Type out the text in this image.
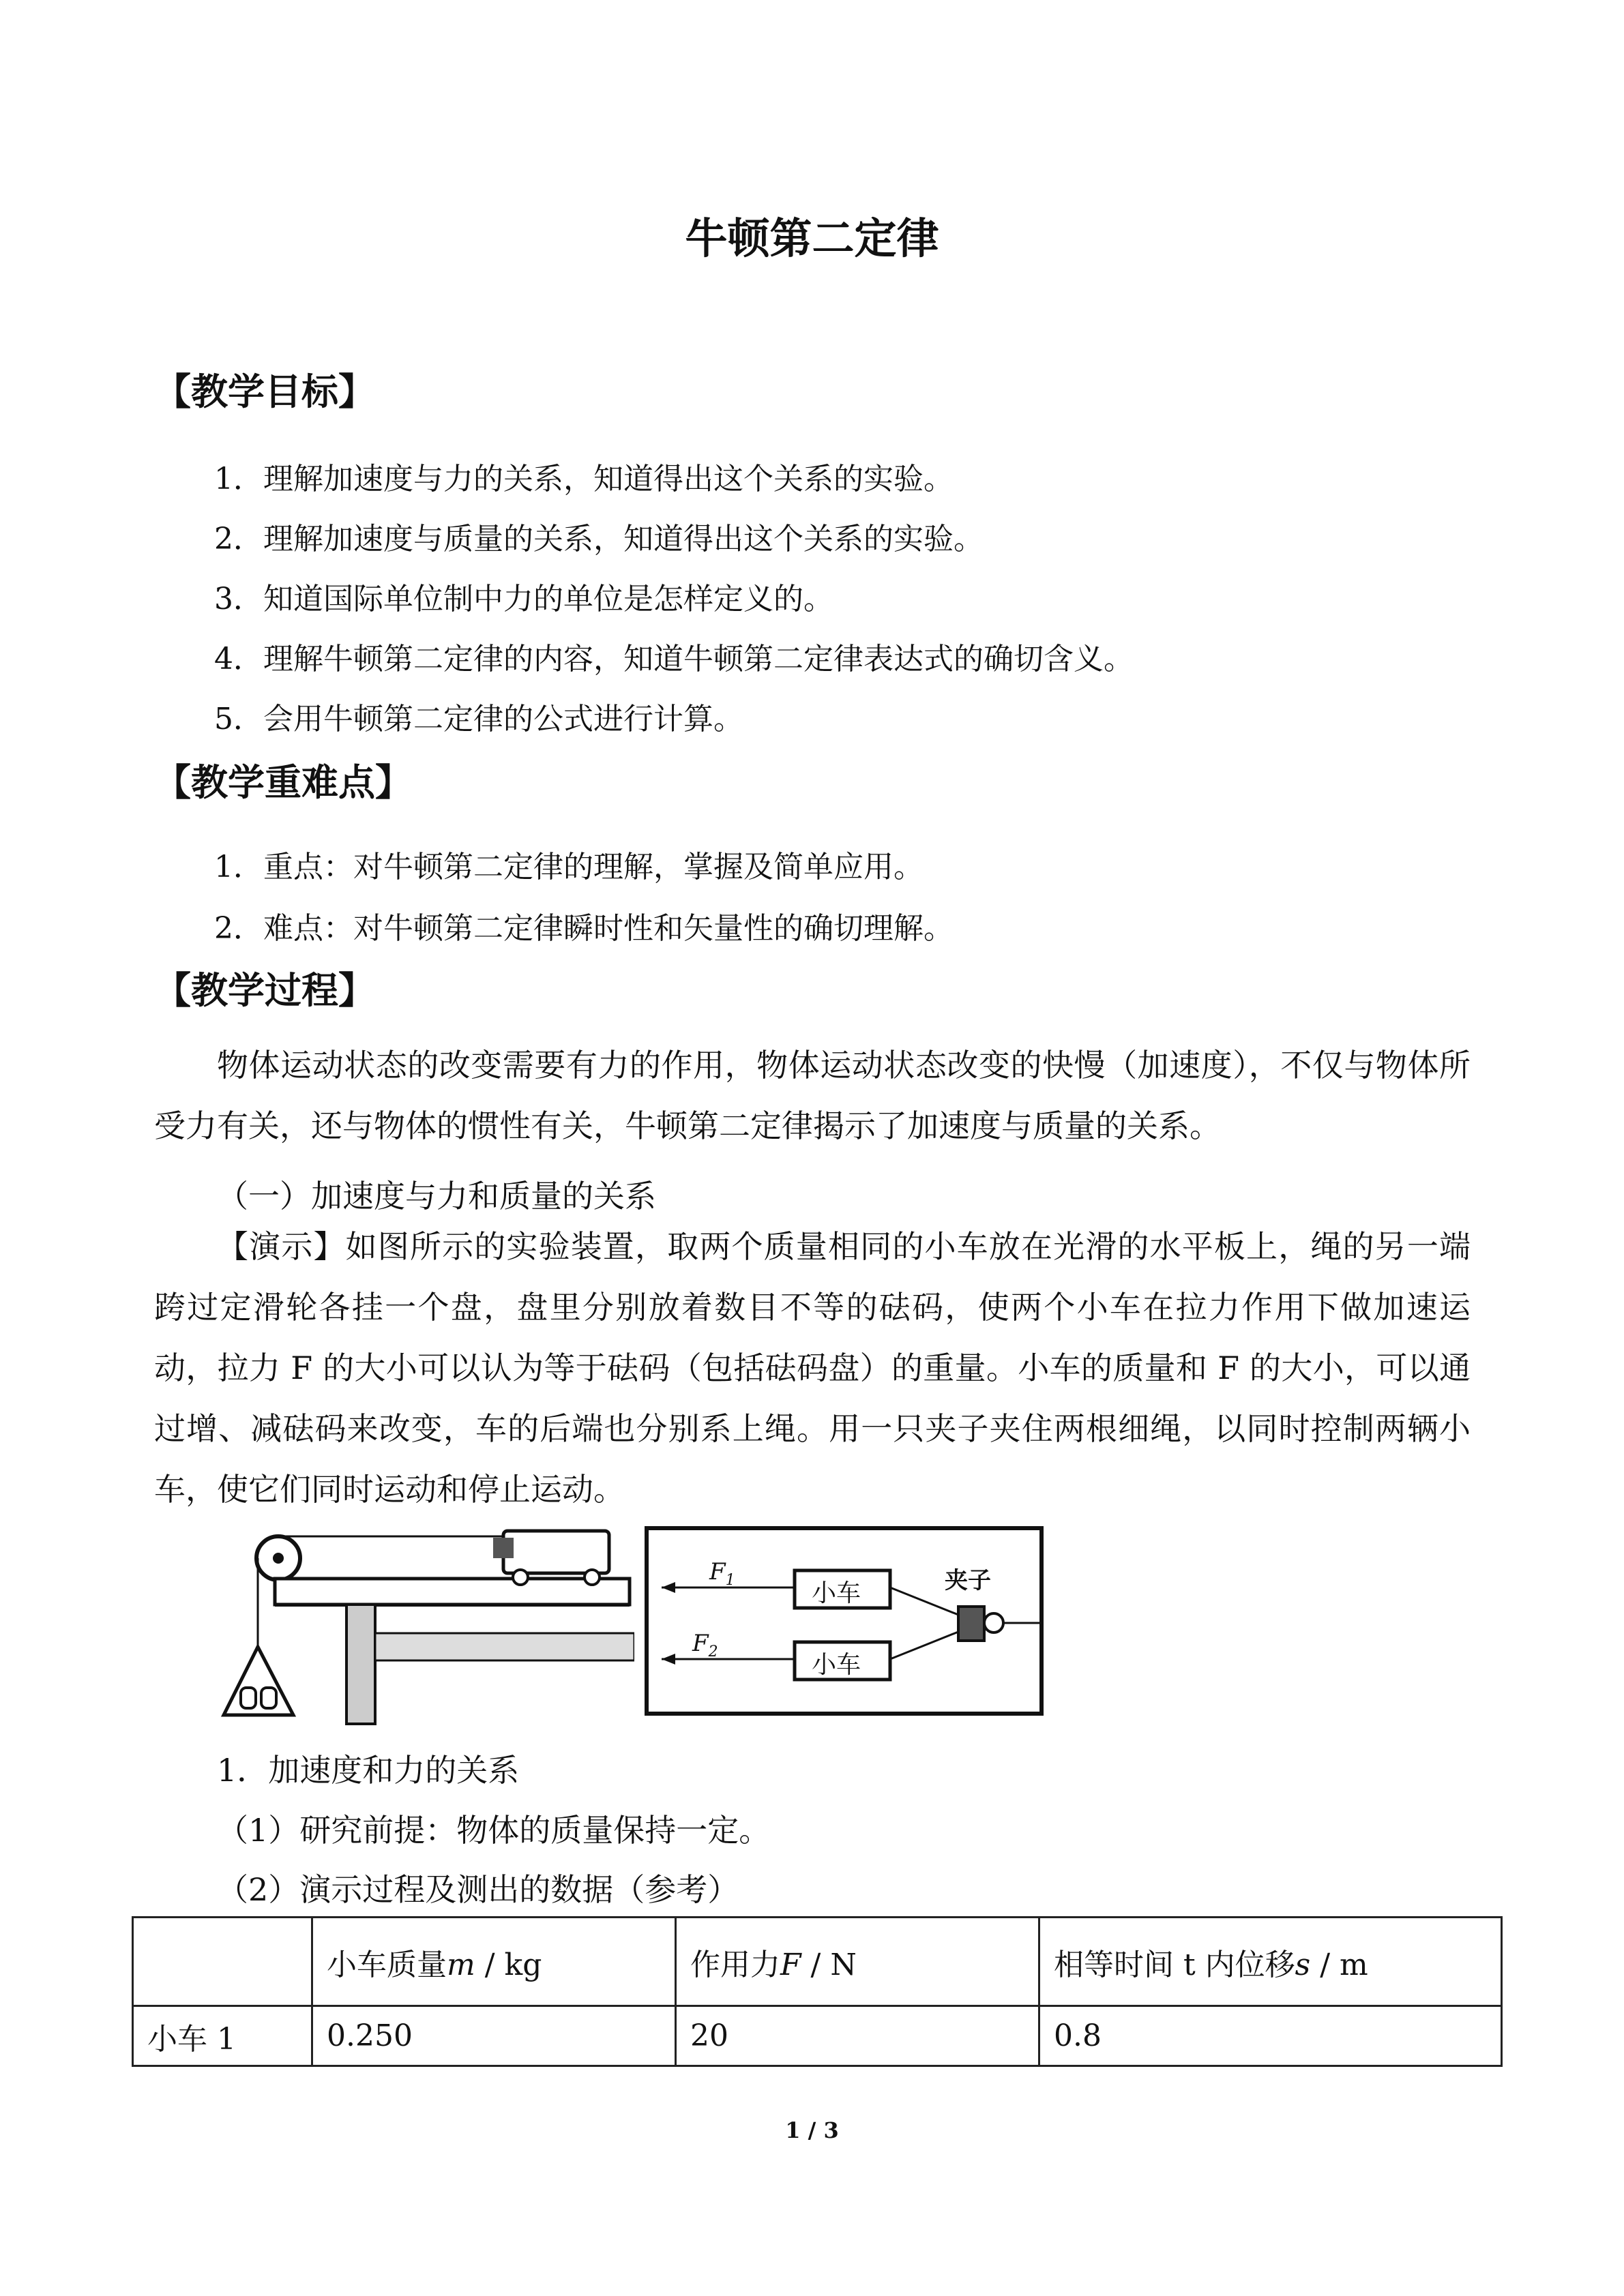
牛顿第二定律
【教学目标】
1．理解加速度与力的关系，知道得出这个关系的实验。
2．理解加速度与质量的关系，知道得出这个关系的实验。
3．知道国际单位制中力的单位是怎样定义的。
4．理解牛顿第二定律的内容，知道牛顿第二定律表达式的确切含义。
5．会用牛顿第二定律的公式进行计算。
【教学重难点】
1．重点：对牛顿第二定律的理解，掌握及简单应用。
2．难点：对牛顿第二定律瞬时性和矢量性的确切理解。
【教学过程】
物体运动状态的改变需要有力的作用，物体运动状态改变的快慢（加速度），不仅与物体所受力有关，还与物体的惯性有关，牛顿第二定律揭示了加速度与质量的关系。
（一）加速度与力和质量的关系
【演示】如图所示的实验装置，取两个质量相同的小车放在光滑的水平板上，绳的另一端跨过定滑轮各挂一个盘，盘里分别放着数目不等的砝码，使两个小车在拉力作用下做加速运动，拉力 F 的大小可以认为等于砝码（包括砝码盘）的重量。小车的质量和 F 的大小，可以通过增、减砝码来改变，车的后端也分别系上绳。用一只夹子夹住两根细绳，以同时控制两辆小车，使它们同时运动和停止运动。
$F_1$
$F_2$
小车
小车
夹子
1．加速度和力的关系
（1）研究前提：物体的质量保持一定。
（2）演示过程及测出的数据（参考）
	小车质量m / kg	作用力F / N	相等时间 t 内位移s / m
小车 1	0.250	20	0.8
1 / 3
